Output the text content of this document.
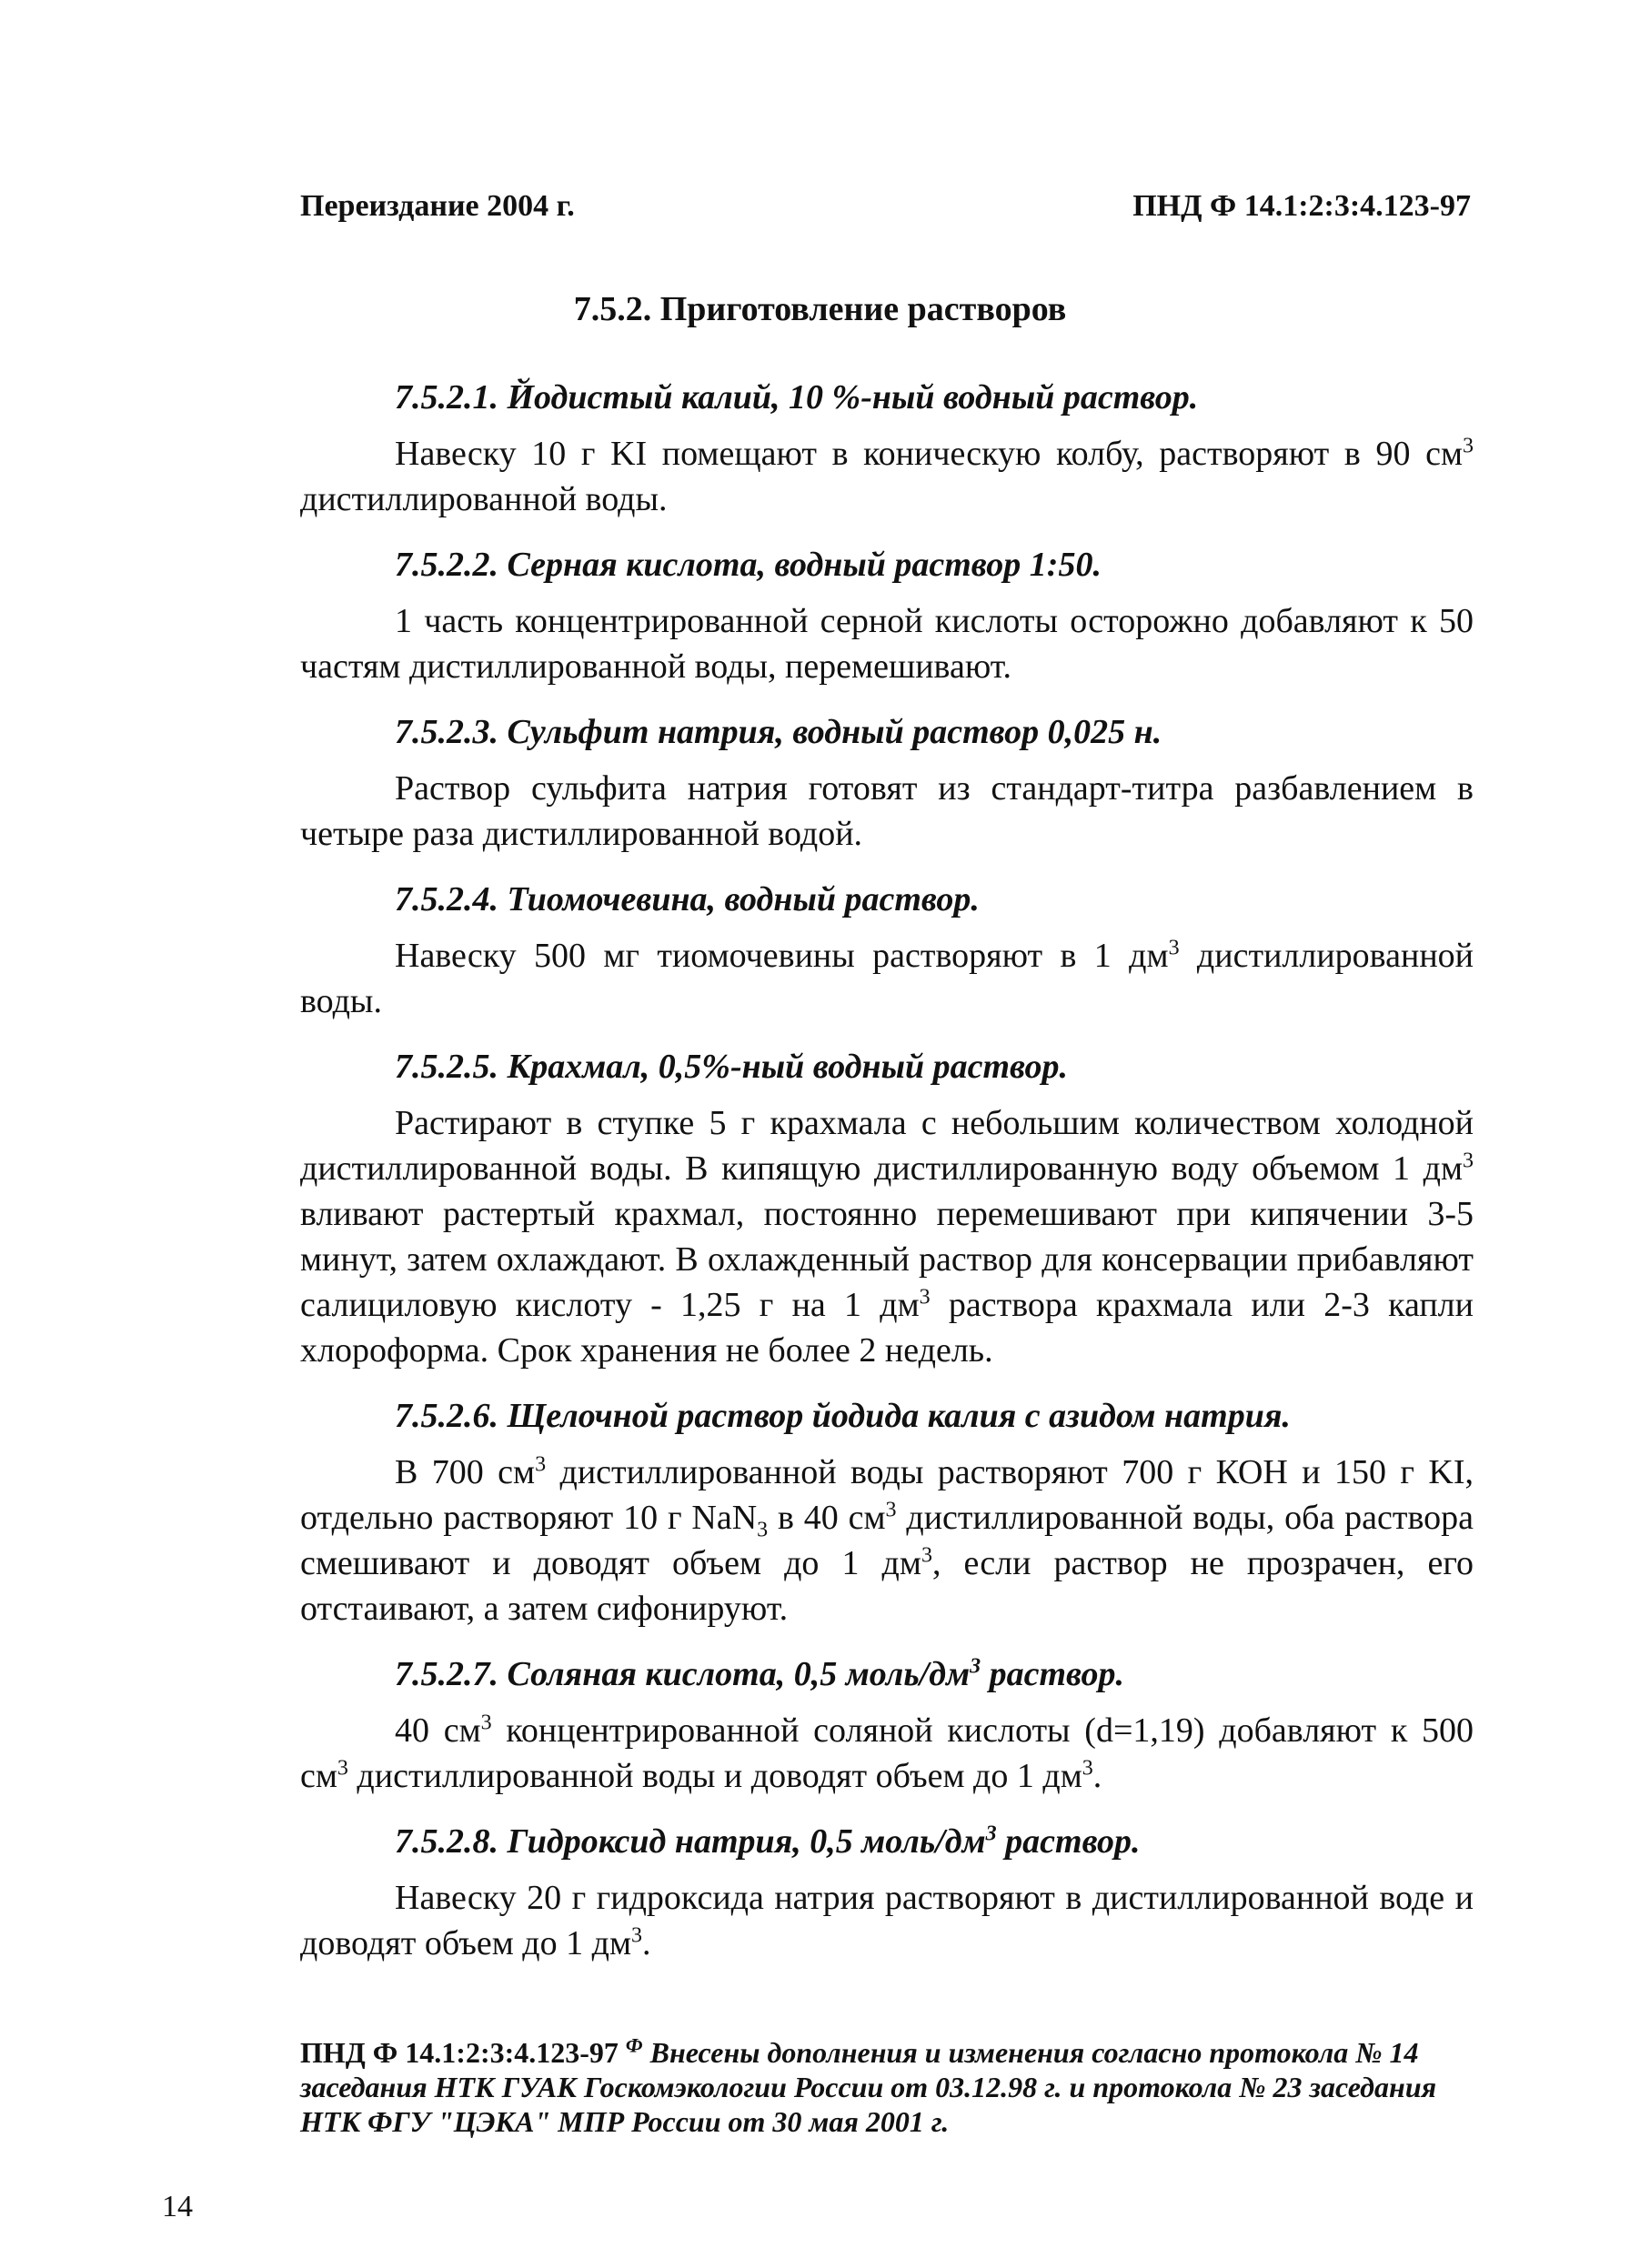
Переиздание 2004 г.	ПНД Ф 14.1:2:3:4.123-97
7.5.2. Приготовление растворов
7.5.2.1. Йодистый калий, 10 %-ный водный раствор.

Навеску 10 г KI помещают в коническую колбу, растворяют в 90 $см^3$ дистиллированной воды.

7.5.2.2. Серная кислота, водный раствор 1:50.

1 часть концентрированной серной кислоты осторожно добавляют к 50 частям дистиллированной воды, перемешивают.

7.5.2.3. Сульфит натрия, водный раствор 0,025 н.

Раствор сульфита натрия готовят из стандарт-титра разбавлением в четыре раза дистиллированной водой.

7.5.2.4. Тиомочевина, водный раствор.

Навеску 500 мг тиомочевины растворяют в 1 $дм^3$ дистиллированной воды.

7.5.2.5. Крахмал, 0,5%-ный водный раствор.

Растирают в ступке 5 г крахмала с небольшим количеством холодной дистиллированной воды. В кипящую дистиллированную воду объемом 1 $дм^3$ вливают растертый крахмал, постоянно перемешивают при кипячении 3-5 минут, затем охлаждают. В охлажденный раствор для консервации прибавляют салициловую кислоту - 1,25 г на 1 $дм^3$ раствора крахмала или 2-3 капли хлороформа. Срок хранения не более 2 недель.

7.5.2.6. Щелочной раствор йодида калия с азидом натрия.

В 700 $см^3$ дистиллированной воды растворяют 700 г КОН и 150 г KI, отдельно растворяют 10 г NaN$_3$ в 40 $см^3$ дистиллированной воды, оба раствора смешивают и доводят объем до 1 $дм^3$, если раствор не прозрачен, его отстаивают, а затем сифонируют.

7.5.2.7. Соляная кислота, 0,5 моль/$дм^3$ раствор.

40 $см^3$ концентрированной соляной кислоты (d=1,19) добавляют к 500 $см^3$ дистиллированной воды и доводят объем до 1 $дм^3$.

7.5.2.8. Гидроксид натрия, 0,5 моль/$дм^3$ раствор.

Навеску 20 г гидроксида натрия растворяют в дистиллированной воде и доводят объем до 1 $дм^3$.

ПНД Ф 14.1:2:3:4.123-97 $^Ф$ Внесены дополнения и изменения согласно протокола № 14 заседания НТК ГУАК Госкомэкологии России от 03.12.98 г. и протокола № 23 заседания НТК ФГУ "ЦЭКА" МПР России от 30 мая 2001 г.
14
